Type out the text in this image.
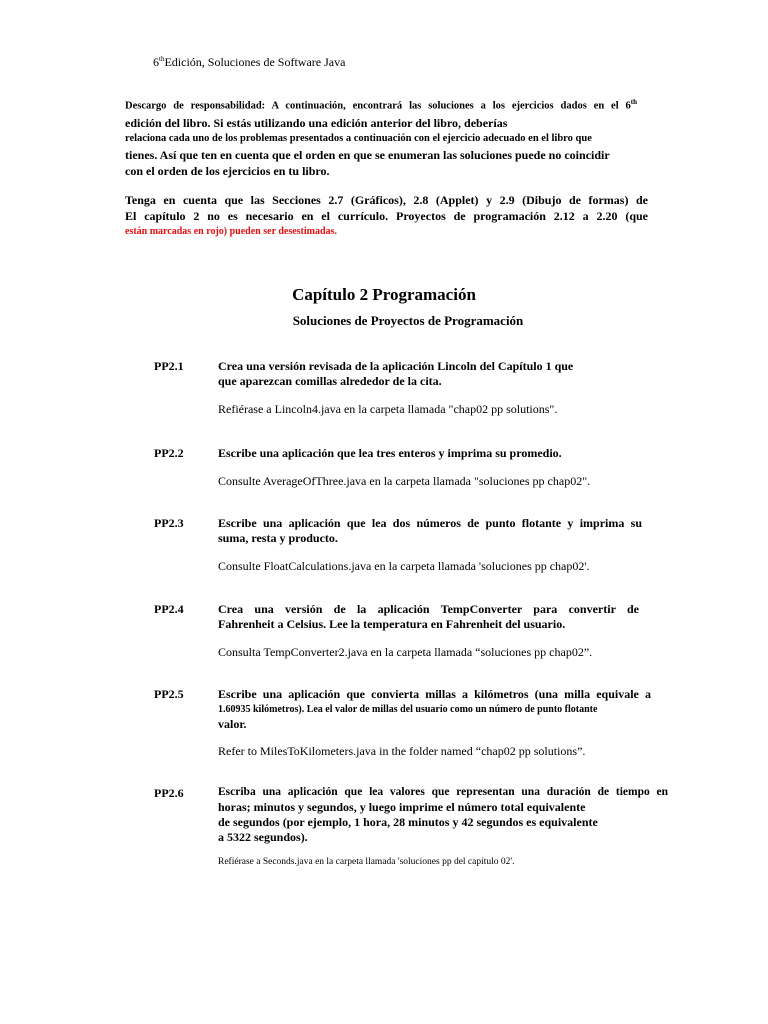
6thEdición, Soluciones de Software Java
Descargo de responsabilidad: A continuación, encontrará las soluciones a los ejercicios dados en el 6th
edición del libro. Si estás utilizando una edición anterior del libro, deberías
relaciona cada uno de los problemas presentados a continuación con el ejercicio adecuado en el libro que
tienes. Así que ten en cuenta que el orden en que se enumeran las soluciones puede no coincidir
con el orden de los ejercicios en tu libro.
Tenga en cuenta que las Secciones 2.7 (Gráficos), 2.8 (Applet) y 2.9 (Dibujo de formas) de
El capítulo 2 no es necesario en el currículo. Proyectos de programación 2.12 a 2.20 (que
están marcadas en rojo) pueden ser desestimadas.
Capítulo 2 Programación
Soluciones de Proyectos de Programación
PP2.1	Crea una versión revisada de la aplicación Lincoln del Capítulo 1 que
que aparezcan comillas alrededor de la cita.
Refiérase a Lincoln4.java en la carpeta llamada "chap02 pp solutions".
PP2.2	Escribe una aplicación que lea tres enteros y imprima su promedio.
Consulte AverageOfThree.java en la carpeta llamada "soluciones pp chap02".
PP2.3	Escribe una aplicación que lea dos números de punto flotante y imprima su
suma, resta y producto.
Consulte FloatCalculations.java en la carpeta llamada 'soluciones pp chap02'.
PP2.4	Crea una versión de la aplicación TempConverter para convertir de
Fahrenheit a Celsius. Lee la temperatura en Fahrenheit del usuario.
Consulta TempConverter2.java en la carpeta llamada “soluciones pp chap02”.
PP2.5	Escribe una aplicación que convierta millas a kilómetros (una milla equivale a
1.60935 kilómetros). Lea el valor de millas del usuario como un número de punto flotante
valor.
Refer to MilesToKilometers.java in the folder named “chap02 pp solutions”.
PP2.6	Escriba una aplicación que lea valores que representan una duración de tiempo en
horas; minutos y segundos, y luego imprime el número total equivalente
de segundos (por ejemplo, 1 hora, 28 minutos y 42 segundos es equivalente
a 5322 segundos).
Refiérase a Seconds.java en la carpeta llamada 'soluciones pp del capítulo 02'.
